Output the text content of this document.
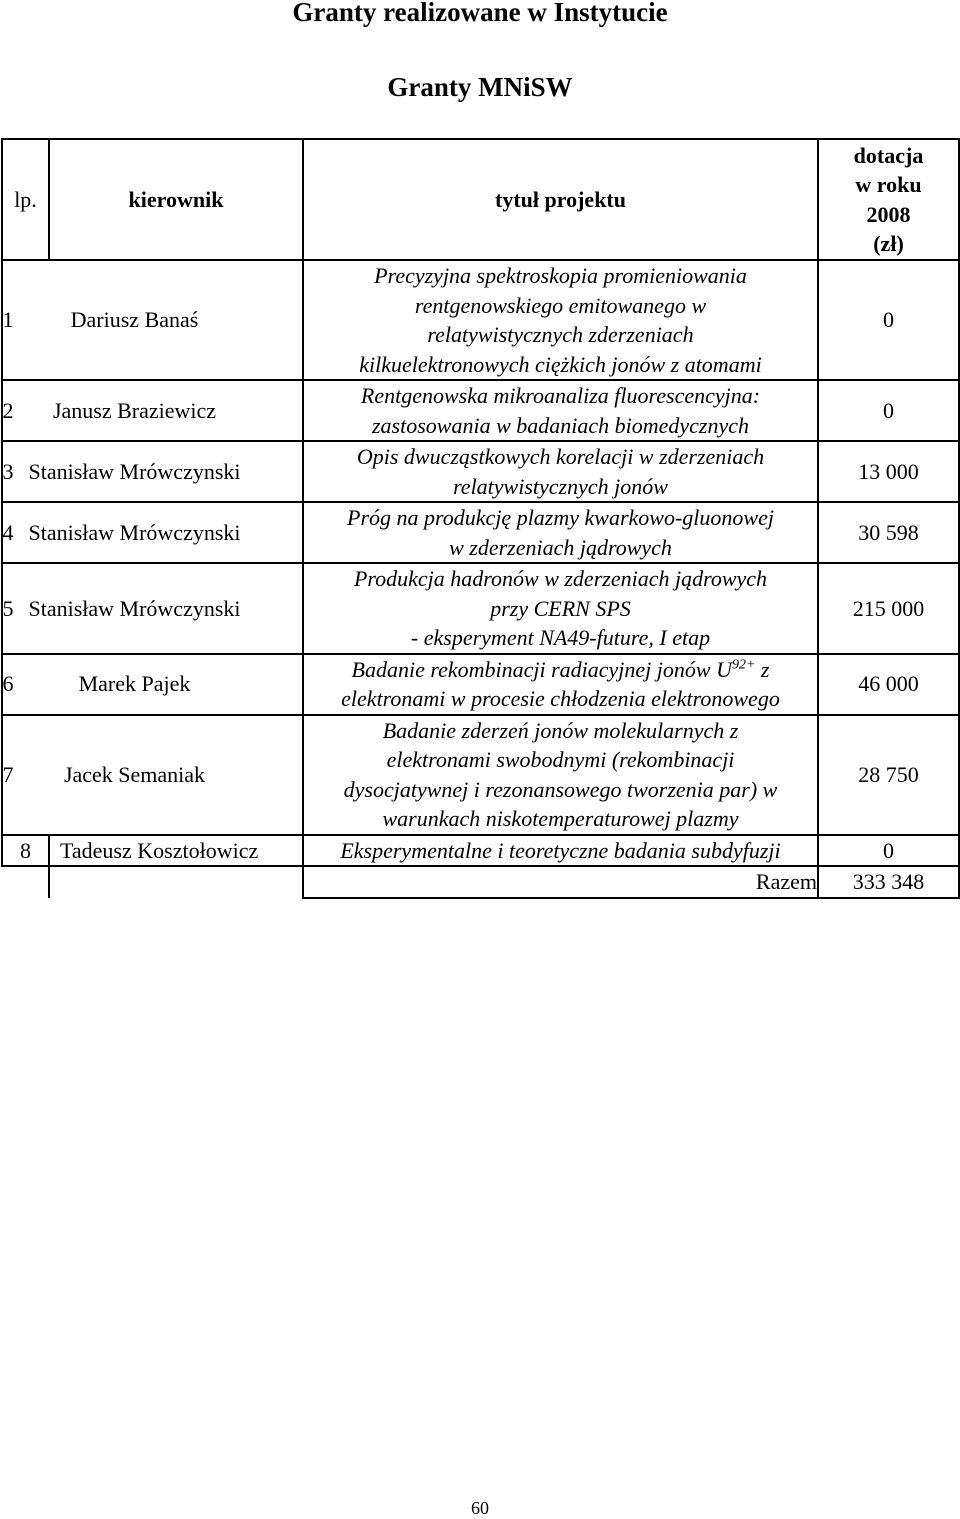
Granty realizowane w Instytucie
Granty MNiSW
lp.	kierownik	tytuł projektu	dotacja
w roku
2008
(zł)

1 Dariusz Banaś		Precyzyjna spektroskopia promieniowania
rentgenowskiego emitowanego w
relatywistycznych zderzeniach
kilkuelektronowych ciężkich jonów z atomami	0
2 Janusz Braziewicz		Rentgenowska mikroanaliza fluorescencyjna:
zastosowania w badaniach biomedycznych	0
3 Stanisław Mrówczynski		Opis dwucząstkowych korelacji w zderzeniach
relatywistycznych jonów	13 000
4 Stanisław Mrówczynski		Próg na produkcję plazmy kwarkowo-gluonowej
w zderzeniach jądrowych	30 598
5 Stanisław Mrówczynski		Produkcja hadronów w zderzeniach jądrowych
przy CERN SPS
- eksperyment NA49-future, I etap	215 000
6 Marek Pajek		Badanie rekombinacji radiacyjnej jonów $U^{92+}$ z
elektronami w procesie chłodzenia elektronowego	46 000
7 Jacek Semaniak		Badanie zderzeń jonów molekularnych z
elektronami swobodnymi (rekombinacji
dysocjatywnej i rezonansowego tworzenia par) w
warunkach niskotemperaturowej plazmy	28 750
8	Tadeusz Kosztołowicz	Eksperymentalne i teoretyczne badania subdyfuzji	0
		Razem	333 348
60
